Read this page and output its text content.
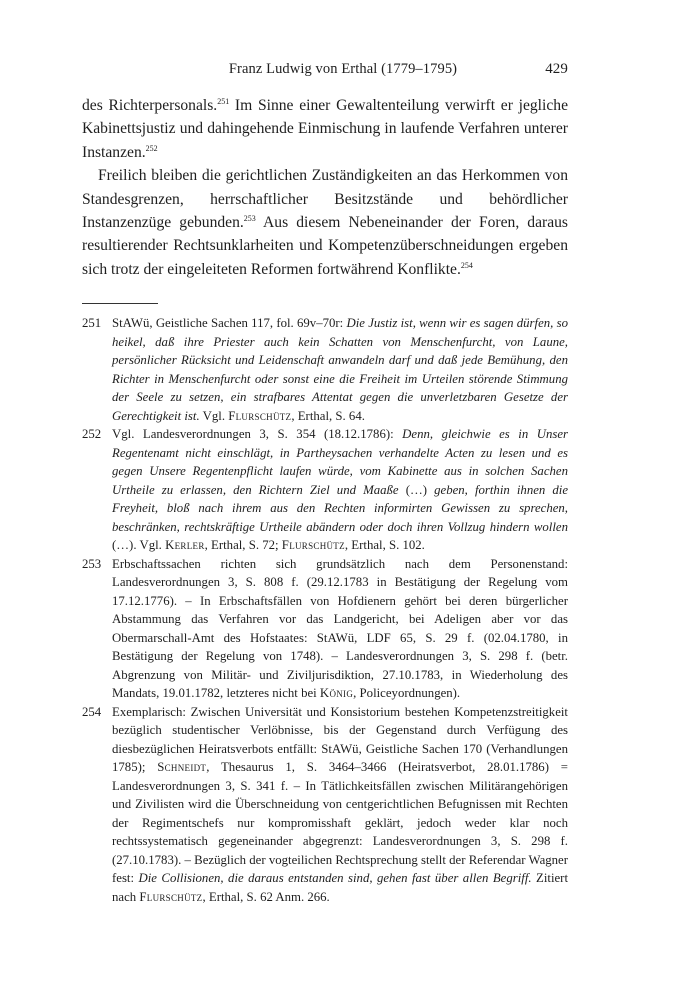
Franz Ludwig von Erthal (1779–1795)	429

des Richterpersonals.$^{251}$ Im Sinne einer Gewaltenteilung verwirft er jegliche Kabinettsjustiz und dahingehende Einmischung in laufende Verfahren unterer Instanzen.$^{252}$

Freilich bleiben die gerichtlichen Zuständigkeiten an das Herkommen von Standesgrenzen, herrschaftlicher Besitzstände und behördlicher Instanzenzüge gebunden.$^{253}$ Aus diesem Nebeneinander der Foren, daraus resultierender Rechtsunklarheiten und Kompetenzüberschneidungen ergeben sich trotz der eingeleiteten Reformen fortwährend Konflikte.$^{254}$

251 StAWü, Geistliche Sachen 117, fol. 69v–70r: Die Justiz ist, wenn wir es sagen dürfen, so heikel, daß ihre Priester auch kein Schatten von Menschenfurcht, von Laune, persönlicher Rücksicht und Leidenschaft anwandeln darf und daß jede Bemühung, den Richter in Menschenfurcht oder sonst eine die Freiheit im Urteilen störende Stimmung der Seele zu setzen, ein strafbares Attentat gegen die unverletzbaren Gesetze der Gerechtigkeit ist. Vgl. Flurschütz, Erthal, S. 64.

252 Vgl. Landesverordnungen 3, S. 354 (18.12.1786): Denn, gleichwie es in Unser Regentenamt nicht einschlägt, in Partheysachen verhandelte Acten zu lesen und es gegen Unsere Regentenpflicht laufen würde, vom Kabinette aus in solchen Sachen Urtheile zu erlassen, den Richtern Ziel und Maaße (…) geben, forthin ihnen die Freyheit, bloß nach ihrem aus den Rechten informirten Gewissen zu sprechen, beschränken, rechtskräftige Urtheile abändern oder doch ihren Vollzug hindern wollen (…). Vgl. Kerler, Erthal, S. 72; Flurschütz, Erthal, S. 102.

253 Erbschaftssachen richten sich grundsätzlich nach dem Personenstand: Landesverordnungen 3, S. 808 f. (29.12.1783 in Bestätigung der Regelung vom 17.12.1776). – In Erbschaftsfällen von Hofdienern gehört bei deren bürgerlicher Abstammung das Verfahren vor das Landgericht, bei Adeligen aber vor das Obermarschall-Amt des Hofstaates: StAWü, LDF 65, S. 29 f. (02.04.1780, in Bestätigung der Regelung von 1748). – Landesverordnungen 3, S. 298 f. (betr. Abgrenzung von Militär- und Ziviljurisdiktion, 27.10.1783, in Wiederholung des Mandats, 19.01.1782, letzteres nicht bei König, Policeyordnungen).

254 Exemplarisch: Zwischen Universität und Konsistorium bestehen Kompetenzstreitigkeit bezüglich studentischer Verlöbnisse, bis der Gegenstand durch Verfügung des diesbezüglichen Heiratsverbots entfällt: StAWü, Geistliche Sachen 170 (Verhandlungen 1785); Schneidt, Thesaurus 1, S. 3464–3466 (Heiratsverbot, 28.01.1786) = Landesverordnungen 3, S. 341 f. – In Tätlichkeitsfällen zwischen Militärangehörigen und Zivilisten wird die Überschneidung von centgerichtlichen Befugnissen mit Rechten der Regimentschefs nur kompromisshaft geklärt, jedoch weder klar noch rechtssystematisch gegeneinander abgegrenzt: Landesverordnungen 3, S. 298 f. (27.10.1783). – Bezüglich der vogteilichen Rechtsprechung stellt der Referendar Wagner fest: Die Collisionen, die daraus entstanden sind, gehen fast über allen Begriff. Zitiert nach Flurschütz, Erthal, S. 62 Anm. 266.
